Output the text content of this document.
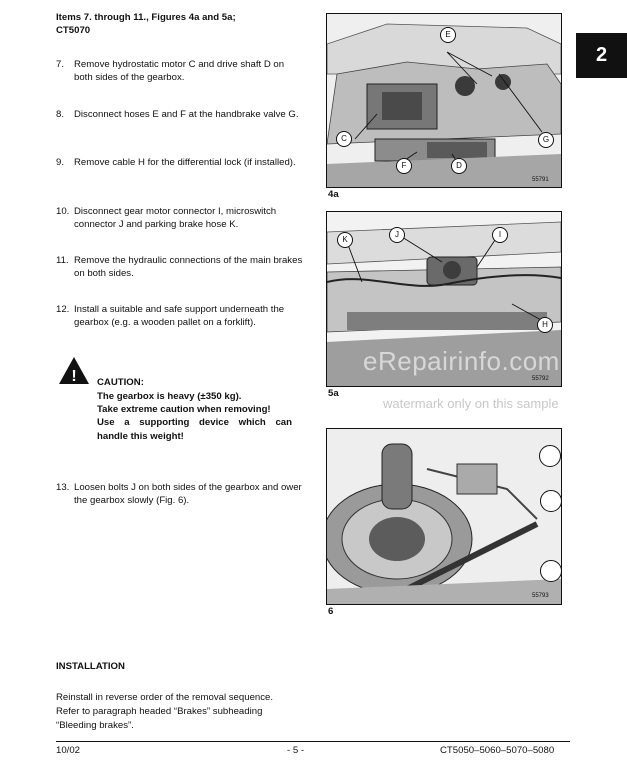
Items 7. through 11., Figures 4a and 5a;
CT5070
2
7. Remove hydrostatic motor C and drive shaft D on both sides of the gearbox.
8. Disconnect hoses E and F at the handbrake valve G.
9. Remove cable H for the differential lock (if installed).
10. Disconnect gear motor connector I, microswitch connector J and parking brake hose K.
11. Remove the hydraulic connections of the main brakes on both sides.
12. Install a suitable and safe support underneath the gearbox (e.g. a wooden pallet on a forklift).
! CAUTION:
The gearbox is heavy (±350 kg).
Take extreme caution when removing!
Use a supporting device which can
handle this weight!
13. Loosen bolts J on both sides of the gearbox and ower the gearbox slowly (Fig. 6).
INSTALLATION
Reinstall in reverse order of the removal sequence.
Refer to paragraph headed “Brakes” subheading
“Bleeding brakes”.
E
C	G
F	D
55791
4a
K
J	I
H
55792
5a
55793
6
eRepairinfo.com
watermark only on this sample
10/02	- 5 -	CT5050–5060–5070–5080
